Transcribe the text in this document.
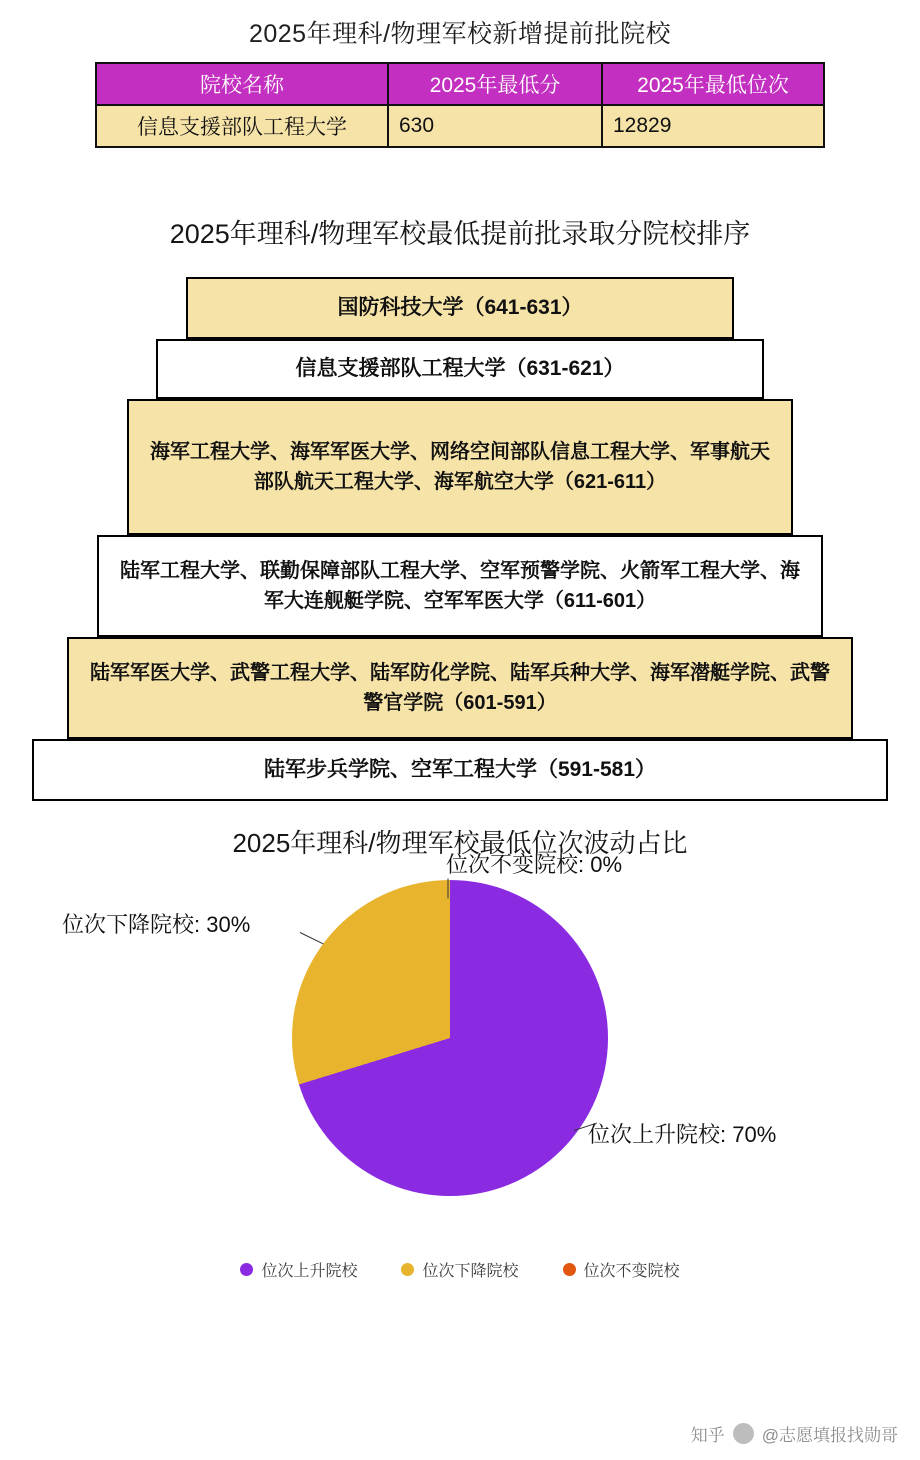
2025年理科/物理军校新增提前批院校
院校名称	2025年最低分	2025年最低位次
信息支援部队工程大学	630	12829
2025年理科/物理军校最低提前批录取分院校排序
国防科技大学（641-631）
信息支援部队工程大学（631-621）
海军工程大学、海军军医大学、网络空间部队信息工程大学、军事航天部队航天工程大学、海军航空大学（621-611）
陆军工程大学、联勤保障部队工程大学、空军预警学院、火箭军工程大学、海军大连舰艇学院、空军军医大学（611-601）
陆军军医大学、武警工程大学、陆军防化学院、陆军兵种大学、海军潜艇学院、武警警官学院（601-591）
陆军步兵学院、空军工程大学（591-581）
2025年理科/物理军校最低位次波动占比
位次不变院校: 0%
位次下降院校: 30%
位次上升院校: 70%
位次上升院校	位次下降院校	位次不变院校
知乎 @志愿填报找勋哥
